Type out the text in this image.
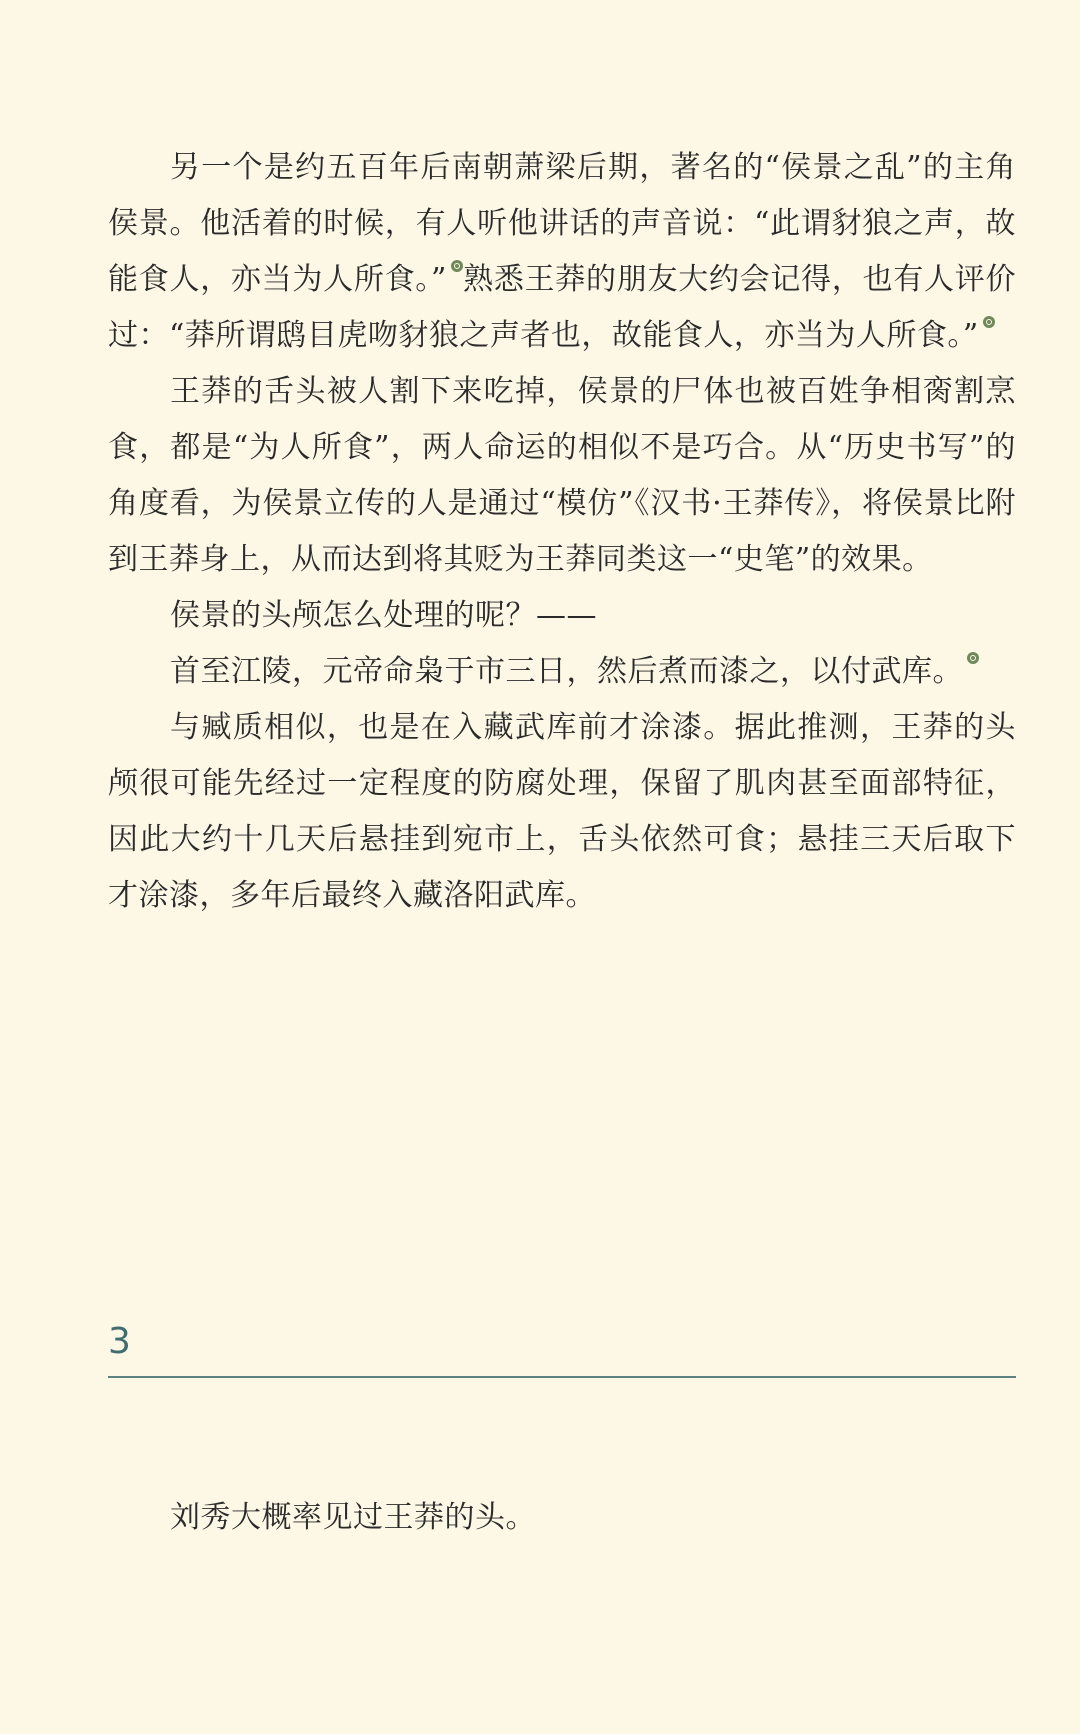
另一个是约五百年后南朝萧梁后期，著名的“侯景之乱”的主角侯景。他活着的时候，有人听他讲话的声音说：“此谓豺狼之声，故能食人，亦当为人所食。” 熟悉王莽的朋友大约会记得，也有人评价过：“莽所谓鸱目虎吻豺狼之声者也，故能食人，亦当为人所食。”

王莽的舌头被人割下来吃掉，侯景的尸体也被百姓争相脔割烹食，都是“为人所食”，两人命运的相似不是巧合。从“历史书写”的角度看，为侯景立传的人是通过“模仿”《汉书·王莽传》，将侯景比附到王莽身上，从而达到将其贬为王莽同类这一“史笔”的效果。

侯景的头颅怎么处理的呢？——

首至江陵，元帝命枭于市三日，然后煮而漆之，以付武库。

与臧质相似，也是在入藏武库前才涂漆。据此推测，王莽的头颅很可能先经过一定程度的防腐处理，保留了肌肉甚至面部特征，因此大约十几天后悬挂到宛市上，舌头依然可食；悬挂三天后取下才涂漆，多年后最终入藏洛阳武库。

3

刘秀大概率见过王莽的头。
